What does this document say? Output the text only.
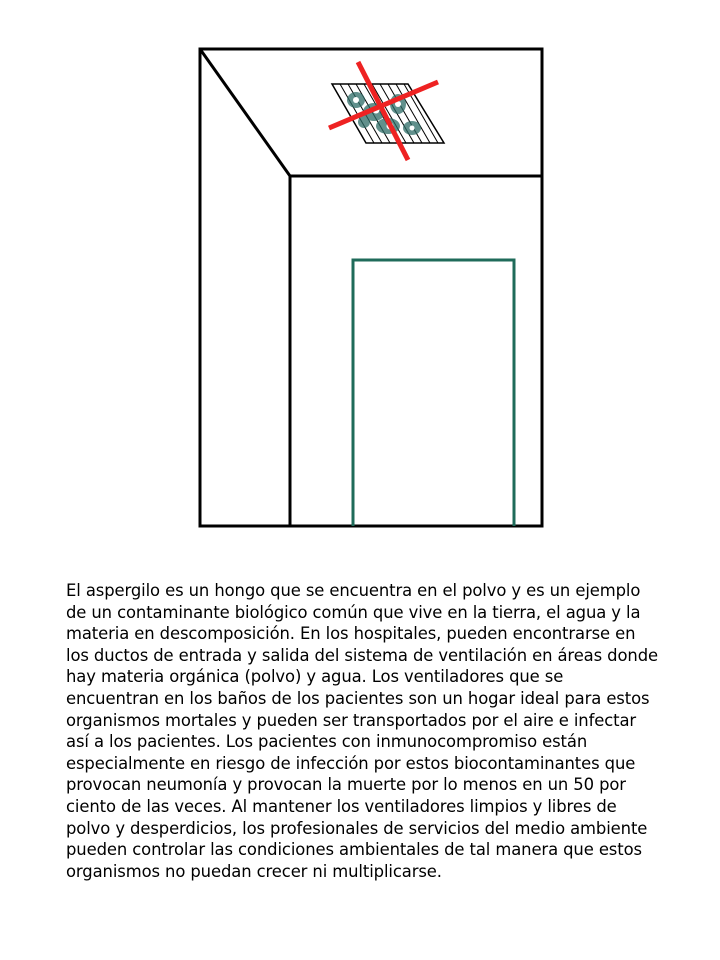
El aspergilo es un hongo que se encuentra en el polvo y es un ejemplo
de un contaminante biológico común que vive en la tierra, el agua y la
materia en descomposición. En los hospitales, pueden encontrarse en
los ductos de entrada y salida del sistema de ventilación en áreas donde
hay materia orgánica (polvo) y agua. Los ventiladores que se
encuentran en los baños de los pacientes son un hogar ideal para estos
organismos mortales y pueden ser transportados por el aire e infectar
así a los pacientes. Los pacientes con inmunocompromiso están
especialmente en riesgo de infección por estos biocontaminantes que
provocan neumonía y provocan la muerte por lo menos en un 50 por
ciento de las veces. Al mantener los ventiladores limpios y libres de
polvo y desperdicios, los profesionales de servicios del medio ambiente
pueden controlar las condiciones ambientales de tal manera que estos
organismos no puedan crecer ni multiplicarse.
